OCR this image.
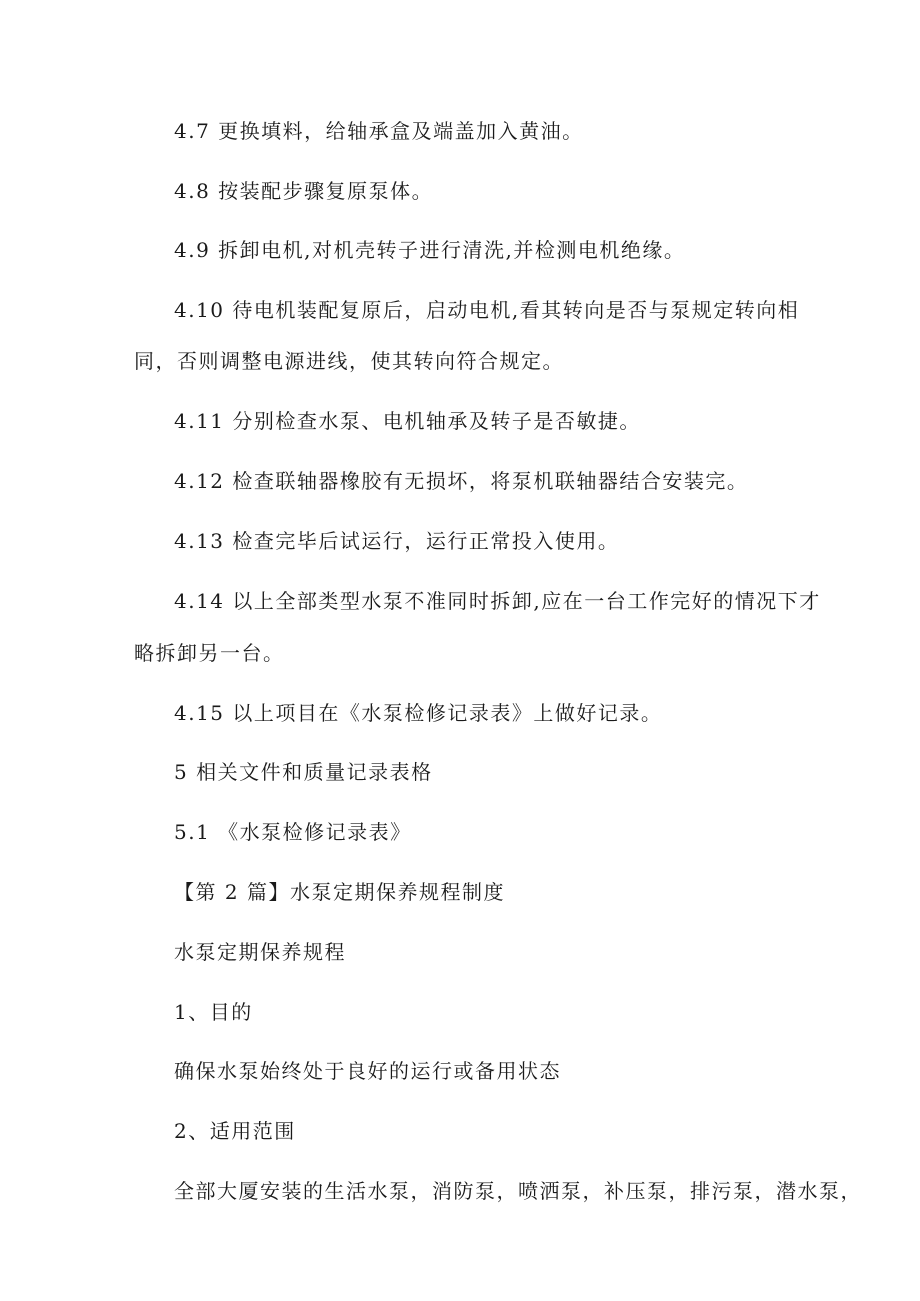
4.7 更换填料，给轴承盒及端盖加入黄油。
4.8 按装配步骤复原泵体。
4.9 拆卸电机,对机壳转子进行清洗,并检测电机绝缘。
4.10 待电机装配复原后，启动电机,看其转向是否与泵规定转向相
同，否则调整电源进线，使其转向符合规定。
4.11 分别检查水泵、电机轴承及转子是否敏捷。
4.12 检查联轴器橡胶有无损坏，将泵机联轴器结合安装完。
4.13 检查完毕后试运行，运行正常投入使用。
4.14 以上全部类型水泵不准同时拆卸,应在一台工作完好的情况下才
略拆卸另一台。
4.15 以上项目在《水泵检修记录表》上做好记录。
5 相关文件和质量记录表格
5.1 《水泵检修记录表》
【第 2 篇】水泵定期保养规程制度
水泵定期保养规程
1、目的
确保水泵始终处于良好的运行或备用状态
2、适用范围
全部大厦安装的生活水泵，消防泵，喷洒泵，补压泵，排污泵，潜水泵，
